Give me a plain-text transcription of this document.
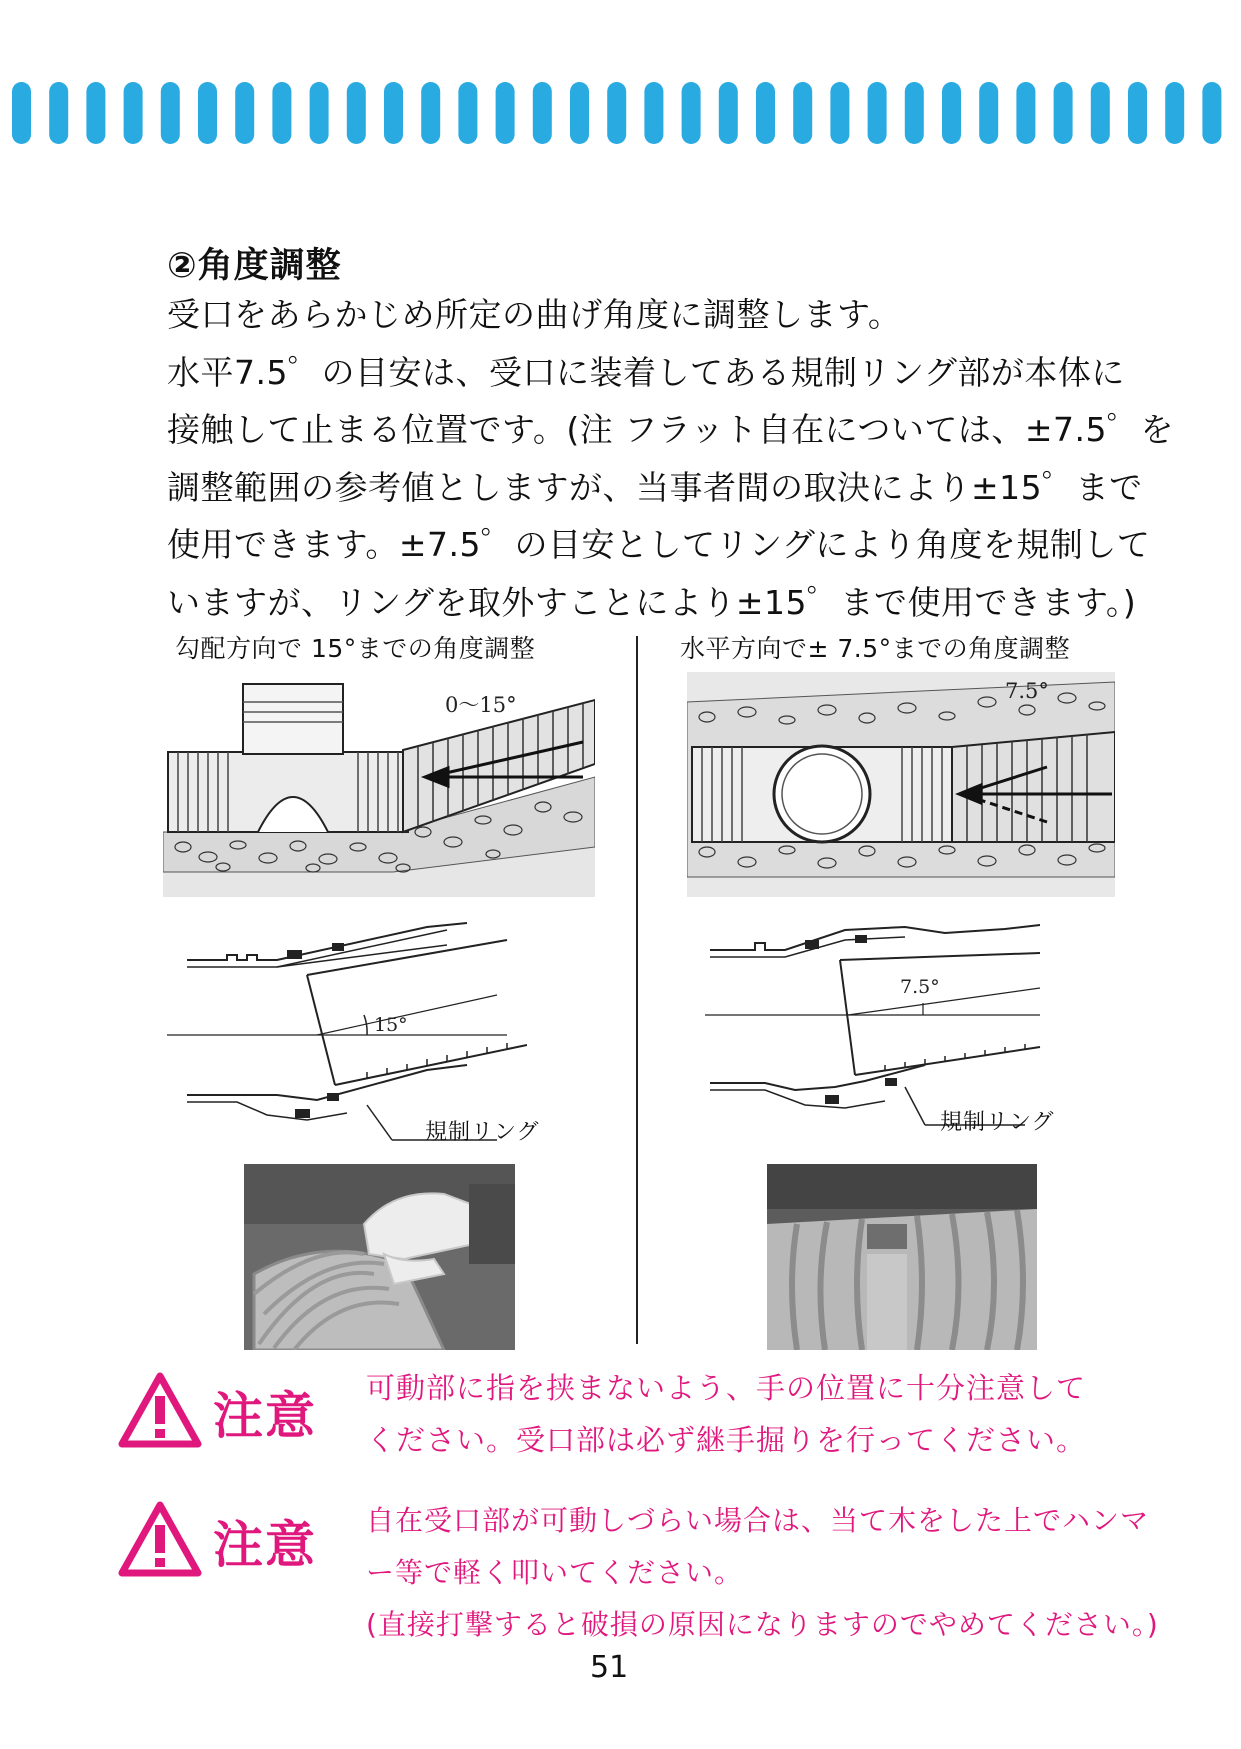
②角度調整

受口をあらかじめ所定の曲げ角度に調整します。

水平7.5゜の目安は、受口に装着してある規制リング部が本体に

接触して止まる位置です。(注 フラット自在については、±7.5゜を

調整範囲の参考値としますが、当事者間の取決により±15゜まで

使用できます。±7.5゜の目安としてリングにより角度を規制して

いますが、リングを取外すことにより±15゜まで使用できます。)

勾配方向で 15°までの角度調整	水平方向で± 7.5°までの角度調整
0〜15°
7.5°
15°
規制リング
7.5°
規制リング
注意 可動部に指を挟まないよう、手の位置に十分注意して

ください。受口部は必ず継手掘りを行ってください。

注意 自在受口部が可動しづらい場合は、当て木をした上でハンマ

ー等で軽く叩いてください。

(直接打撃すると破損の原因になりますのでやめてください。)

51
